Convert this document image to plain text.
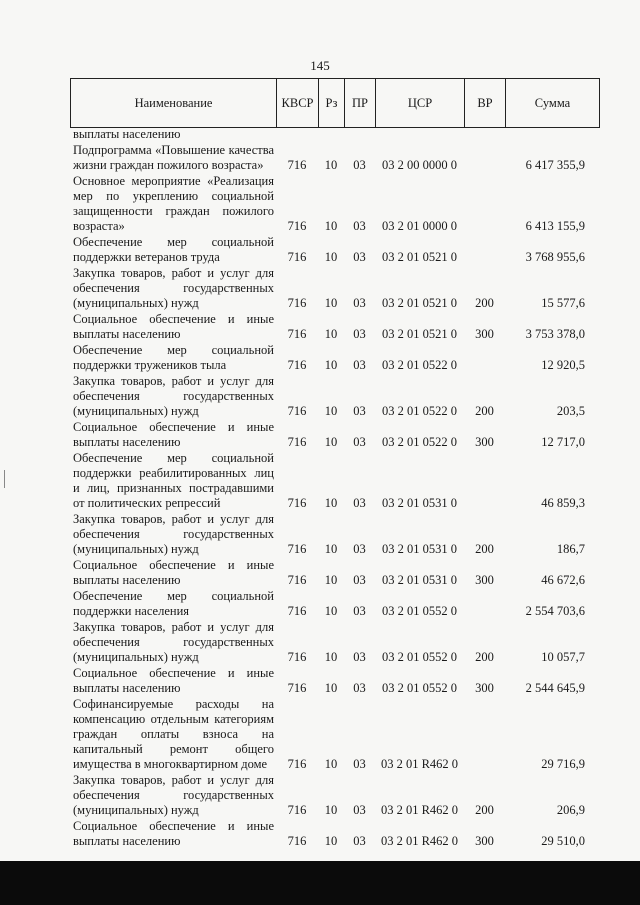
145
Наименование	КВСР	Рз	ПР	ЦСР	ВР	Сумма
выплаты населению						
Подпрограмма «Повышение качества жизни граждан пожилого возраста»	716	10	03	03 2 00 0000 0		6 417 355,9
Основное мероприятие «Реализация мер по укреплению социальной защищенности граждан пожилого возраста»	716	10	03	03 2 01 0000 0		6 413 155,9
Обеспечение мер социальной поддержки ветеранов труда	716	10	03	03 2 01 0521 0		3 768 955,6
Закупка товаров, работ и услуг для обеспечения государственных (муниципальных) нужд	716	10	03	03 2 01 0521 0	200	15 577,6
Социальное обеспечение и иные выплаты населению	716	10	03	03 2 01 0521 0	300	3 753 378,0
Обеспечение мер социальной поддержки тружеников тыла	716	10	03	03 2 01 0522 0		12 920,5
Закупка товаров, работ и услуг для обеспечения государственных (муниципальных) нужд	716	10	03	03 2 01 0522 0	200	203,5
Социальное обеспечение и иные выплаты населению	716	10	03	03 2 01 0522 0	300	12 717,0
Обеспечение мер социальной поддержки реабилитированных лиц и лиц, признанных пострадавшими от политических репрессий	716	10	03	03 2 01 0531 0		46 859,3
Закупка товаров, работ и услуг для обеспечения государственных (муниципальных) нужд	716	10	03	03 2 01 0531 0	200	186,7
Социальное обеспечение и иные выплаты населению	716	10	03	03 2 01 0531 0	300	46 672,6
Обеспечение мер социальной поддержки населения	716	10	03	03 2 01 0552 0		2 554 703,6
Закупка товаров, работ и услуг для обеспечения государственных (муниципальных) нужд	716	10	03	03 2 01 0552 0	200	10 057,7
Социальное обеспечение и иные выплаты населению	716	10	03	03 2 01 0552 0	300	2 544 645,9
Софинансируемые расходы на компенсацию отдельным категориям граждан оплаты взноса на капитальный ремонт общего имущества в многоквартирном доме	716	10	03	03 2 01 R462 0		29 716,9
Закупка товаров, работ и услуг для обеспечения государственных (муниципальных) нужд	716	10	03	03 2 01 R462 0	200	206,9
Социальное обеспечение и иные выплаты населению	716	10	03	03 2 01 R462 0	300	29 510,0
